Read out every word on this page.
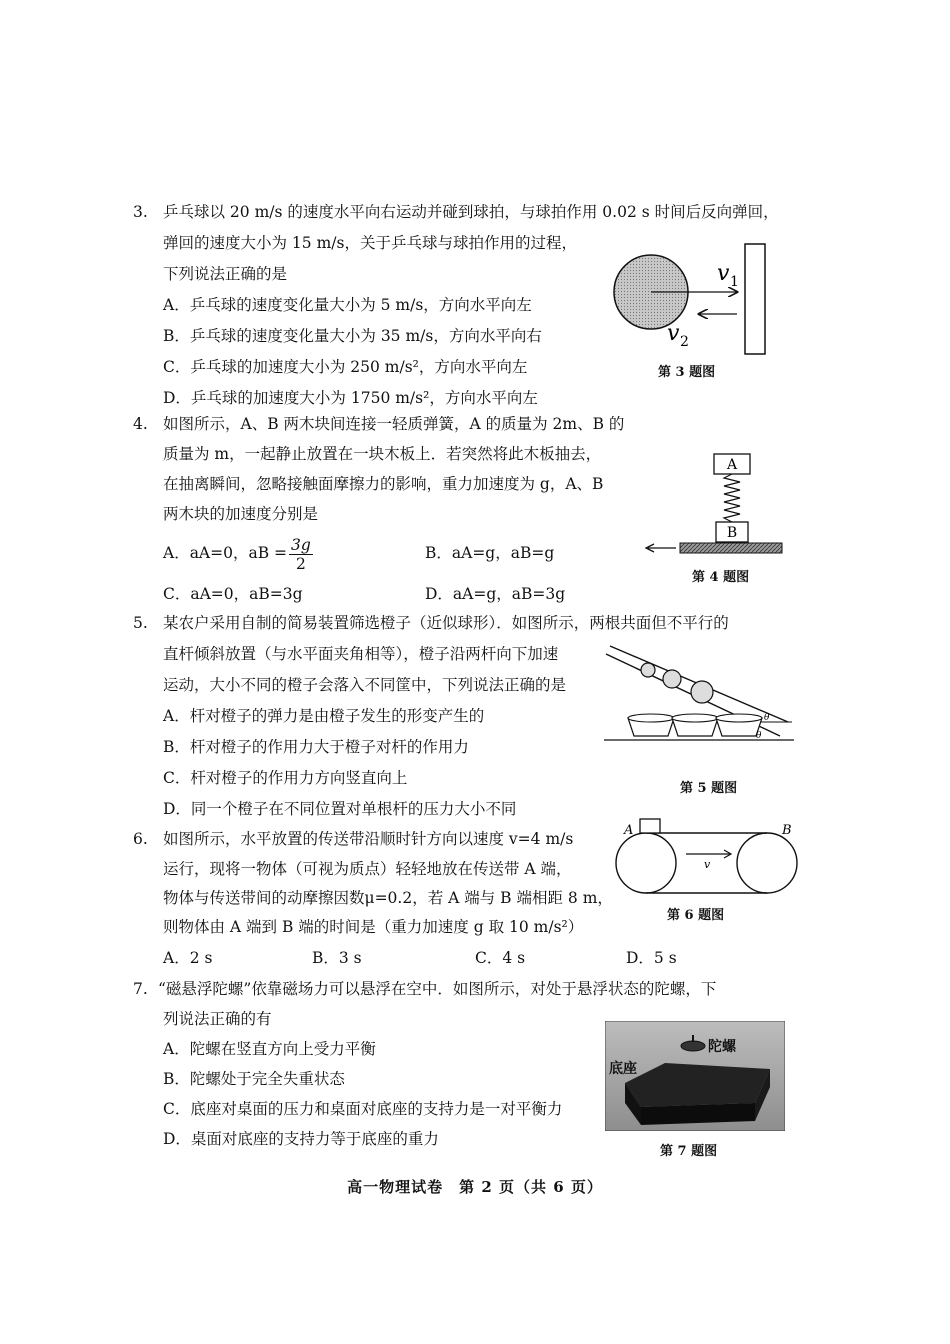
3. 乒乓球以 20 m/s 的速度水平向右运动并碰到球拍，与球拍作用 0.02 s 时间后反向弹回，
弹回的速度大小为 15 m/s，关于乒乓球与球拍作用的过程，
下列说法正确的是
A．乒乓球的速度变化量大小为 5 m/s，方向水平向左
B．乒乓球的速度变化量大小为 35 m/s，方向水平向右
C．乒乓球的加速度大小为 250 m/s²，方向水平向左
D．乒乓球的加速度大小为 1750 m/s²，方向水平向左
v 1
v 2
第 3 题图
4. 如图所示，A、B 两木块间连接一轻质弹簧，A 的质量为 2m、B 的
质量为 m，一起静止放置在一块木板上．若突然将此木板抽去，
在抽离瞬间，忽略接触面摩擦力的影响，重力加速度为 g，A、B
两木块的加速度分别是
A．aA=0，aB = $\frac{3g}{2}$	B．aA=g，aB=g
C．aA=0，aB=3g	D．aA=g，aB=3g
A
B
第 4 题图
5. 某农户采用自制的简易装置筛选橙子（近似球形）．如图所示，两根共面但不平行的
直杆倾斜放置（与水平面夹角相等），橙子沿两杆向下加速
运动，大小不同的橙子会落入不同筐中，下列说法正确的是
A．杆对橙子的弹力是由橙子发生的形变产生的
B．杆对橙子的作用力大于橙子对杆的作用力
C．杆对橙子的作用力方向竖直向上
D．同一个橙子在不同位置对单根杆的压力大小不同
θ
θ
第 5 题图
6. 如图所示，水平放置的传送带沿顺时针方向以速度 v=4 m/s
运行，现将一物体（可视为质点）轻轻地放在传送带 A 端，
物体与传送带间的动摩擦因数μ=0.2，若 A 端与 B 端相距 8 m，
则物体由 A 端到 B 端的时间是（重力加速度 g 取 10 m/s²）
A．2 s	B．3 s	C．4 s	D．5 s
A	B
v
第 6 题图
7. “磁悬浮陀螺”依靠磁场力可以悬浮在空中．如图所示，对处于悬浮状态的陀螺，下
列说法正确的有
A．陀螺在竖直方向上受力平衡
B．陀螺处于完全失重状态
C．底座对桌面的压力和桌面对底座的支持力是一对平衡力
D．桌面对底座的支持力等于底座的重力
陀螺
底座
第 7 题图
高一物理试卷　第 2 页（共 6 页）
